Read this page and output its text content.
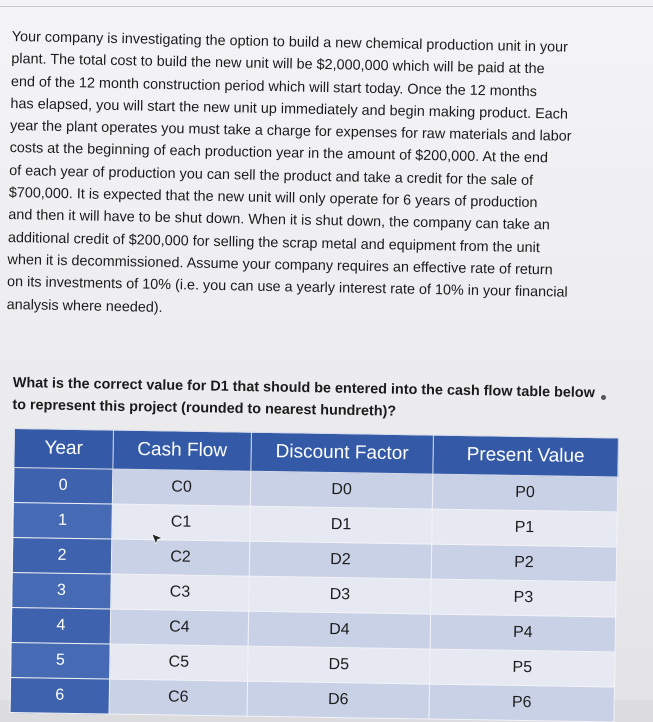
Your company is investigating the option to build a new chemical production unit in your
plant. The total cost to build the new unit will be $2,000,000 which will be paid at the
end of the 12 month construction period which will start today. Once the 12 months
has elapsed, you will start the new unit up immediately and begin making product. Each
year the plant operates you must take a charge for expenses for raw materials and labor
costs at the beginning of each production year in the amount of $200,000. At the end
of each year of production you can sell the product and take a credit for the sale of
$700,000. It is expected that the new unit will only operate for 6 years of production
and then it will have to be shut down. When it is shut down, the company can take an
additional credit of $200,000 for selling the scrap metal and equipment from the unit
when it is decommissioned. Assume your company requires an effective rate of return
on its investments of 10% (i.e. you can use a yearly interest rate of 10% in your financial
analysis where needed).
What is the correct value for D1 that should be entered into the cash flow table below
to represent this project (rounded to nearest hundreth)?
Year	Cash Flow	Discount Factor	Present Value
0	C0	D0	P0
1	C1	D1	P1
2	C2	D2	P2
3	C3	D3	P3
4	C4	D4	P4
5	C5	D5	P5
6	C6	D6	P6
